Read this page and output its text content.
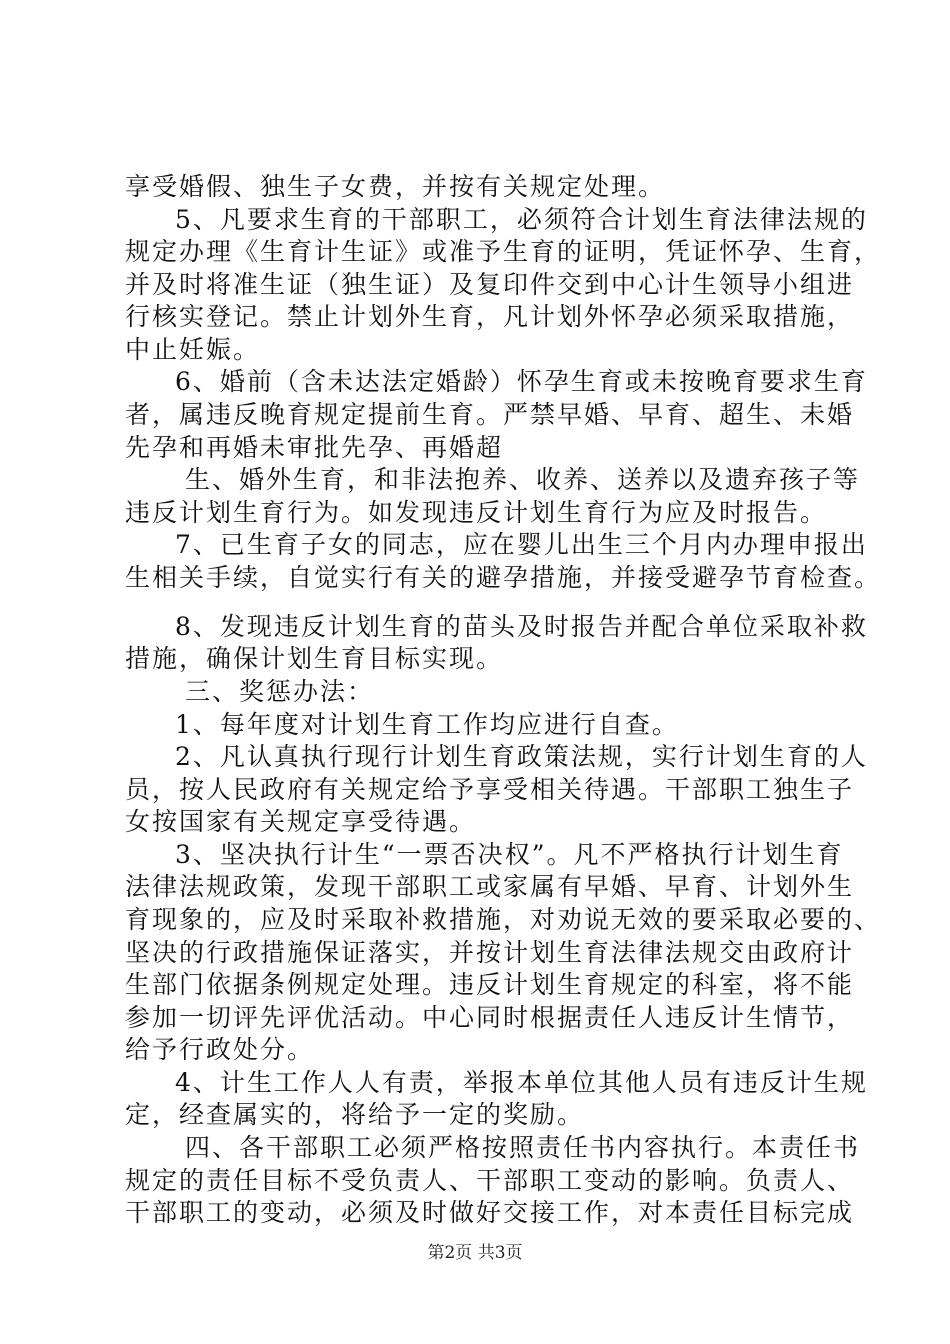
享受婚假、独生子女费，并按有关规定处理。
5、凡要求生育的干部职工，必须符合计划生育法律法规的
规定办理《生育计生证》或准予生育的证明，凭证怀孕、生育，
并及时将准生证（独生证）及复印件交到中心计生领导小组进
行核实登记。禁止计划外生育，凡计划外怀孕必须采取措施，
中止妊娠。
6、婚前（含未达法定婚龄）怀孕生育或未按晚育要求生育
者，属违反晚育规定提前生育。严禁早婚、早育、超生、未婚
先孕和再婚未审批先孕、再婚超
生、婚外生育，和非法抱养、收养、送养以及遗弃孩子等
违反计划生育行为。如发现违反计划生育行为应及时报告。
7、已生育子女的同志，应在婴儿出生三个月内办理申报出
生相关手续，自觉实行有关的避孕措施，并接受避孕节育检查。
8、发现违反计划生育的苗头及时报告并配合单位采取补救
措施，确保计划生育目标实现。
三、奖惩办法：
1、每年度对计划生育工作均应进行自查。
2、凡认真执行现行计划生育政策法规，实行计划生育的人
员，按人民政府有关规定给予享受相关待遇。干部职工独生子
女按国家有关规定享受待遇。
3、坚决执行计生“一票否决权”。凡不严格执行计划生育
法律法规政策，发现干部职工或家属有早婚、早育、计划外生
育现象的，应及时采取补救措施，对劝说无效的要采取必要的、
坚决的行政措施保证落实，并按计划生育法律法规交由政府计
生部门依据条例规定处理。违反计划生育规定的科室，将不能
参加一切评先评优活动。中心同时根据责任人违反计生情节，
给予行政处分。
4、计生工作人人有责，举报本单位其他人员有违反计生规
定，经查属实的，将给予一定的奖励。
四、各干部职工必须严格按照责任书内容执行。本责任书
规定的责任目标不受负责人、干部职工变动的影响。负责人、
干部职工的变动，必须及时做好交接工作，对本责任目标完成
第2页 共3页
